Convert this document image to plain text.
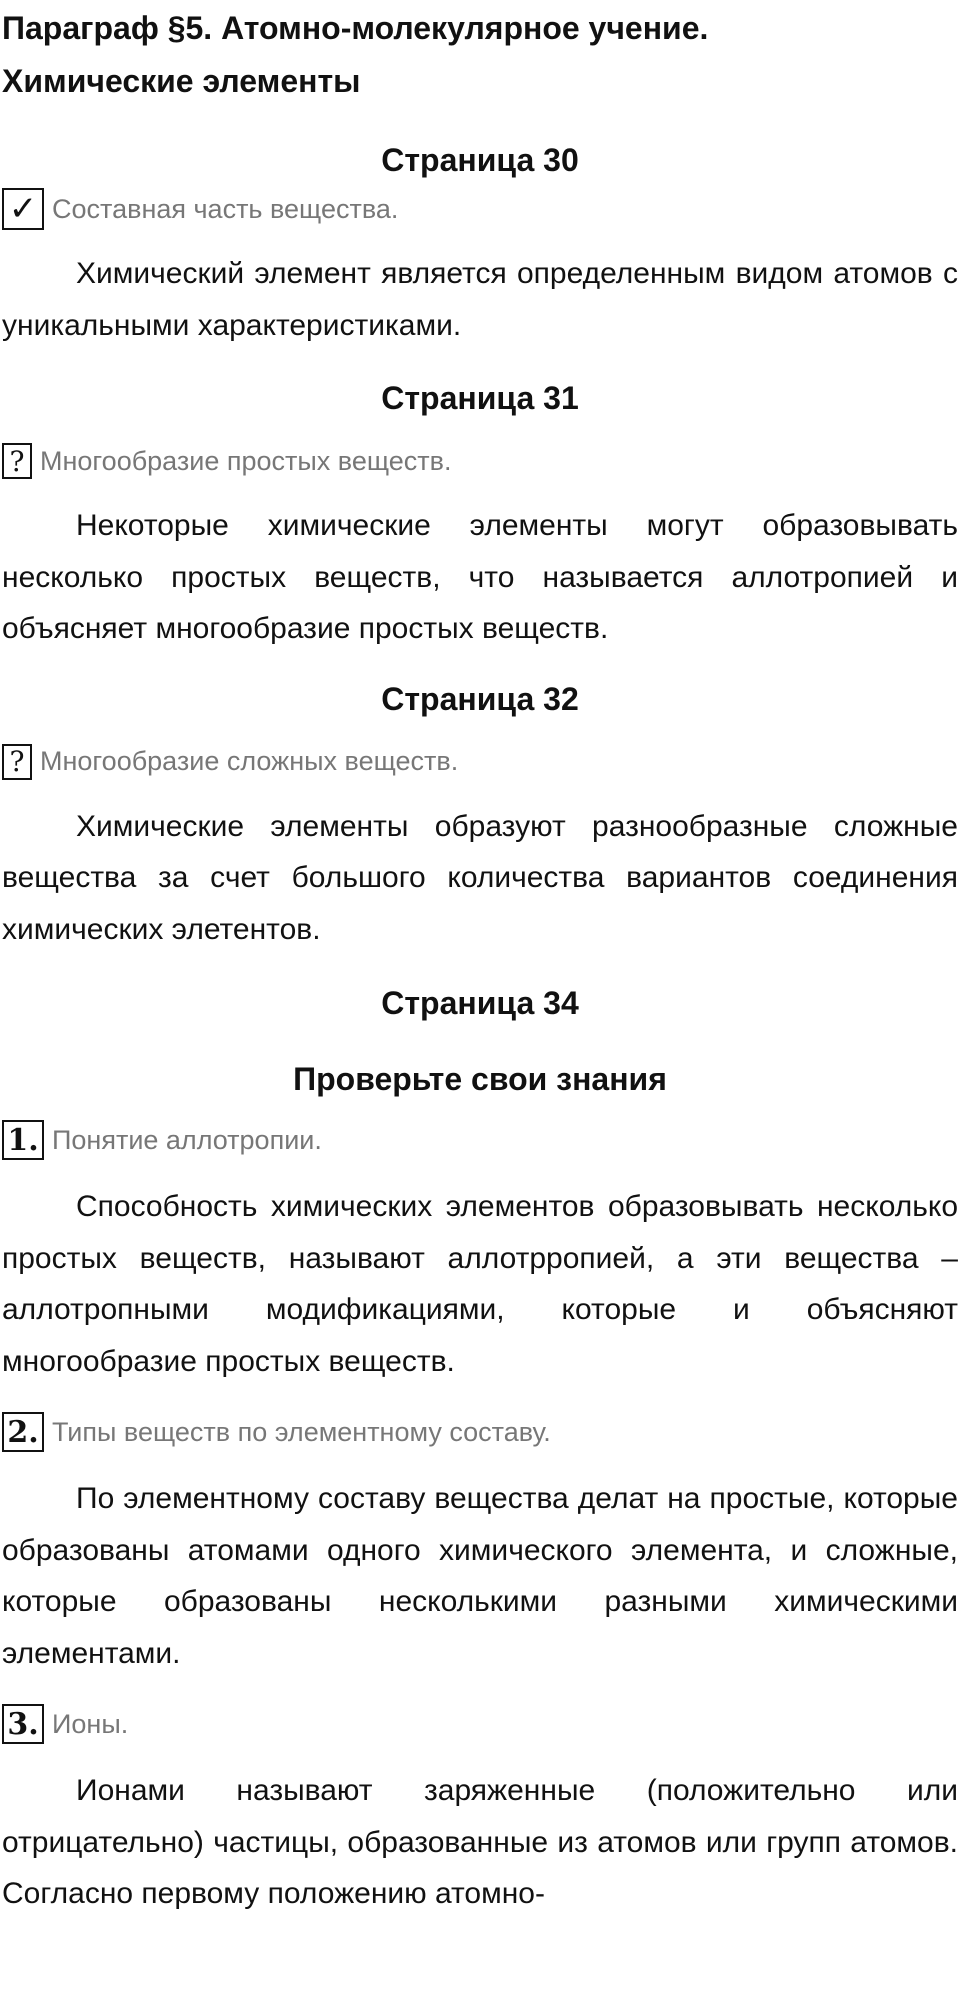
Параграф §5. Атомно-молекулярное учение.
Химические элементы
Страница 30
✓ Составная часть вещества.

Химический элемент является определенным видом атомов с уникальными характеристиками.

Страница 31
? Многообразие простых веществ.

Некоторые химические элементы могут образовывать несколько простых веществ, что называется аллотропией и объясняет многообразие простых веществ.

Страница 32
? Многообразие сложных веществ.

Химические элементы образуют разнообразные сложные вещества за счет большого количества вариантов соединения химических элетентов.

Страница 34
Проверьте свои знания
1. Понятие аллотропии.

Способность химических элементов образовывать несколько простых веществ, называют аллотрропией, а эти вещества – аллотропными модификациями, которые и объясняют многообразие простых веществ.

2. Типы веществ по элементному составу.

По элементному составу вещества делат на простые, которые образованы атомами одного химического элемента, и сложные, которые образованы несколькими разными химическими элементами.

3. Ионы.

Ионами называют заряженные (положительно или отрицательно) частицы, образованные из атомов или групп атомов. Согласно первому положению атомно-
